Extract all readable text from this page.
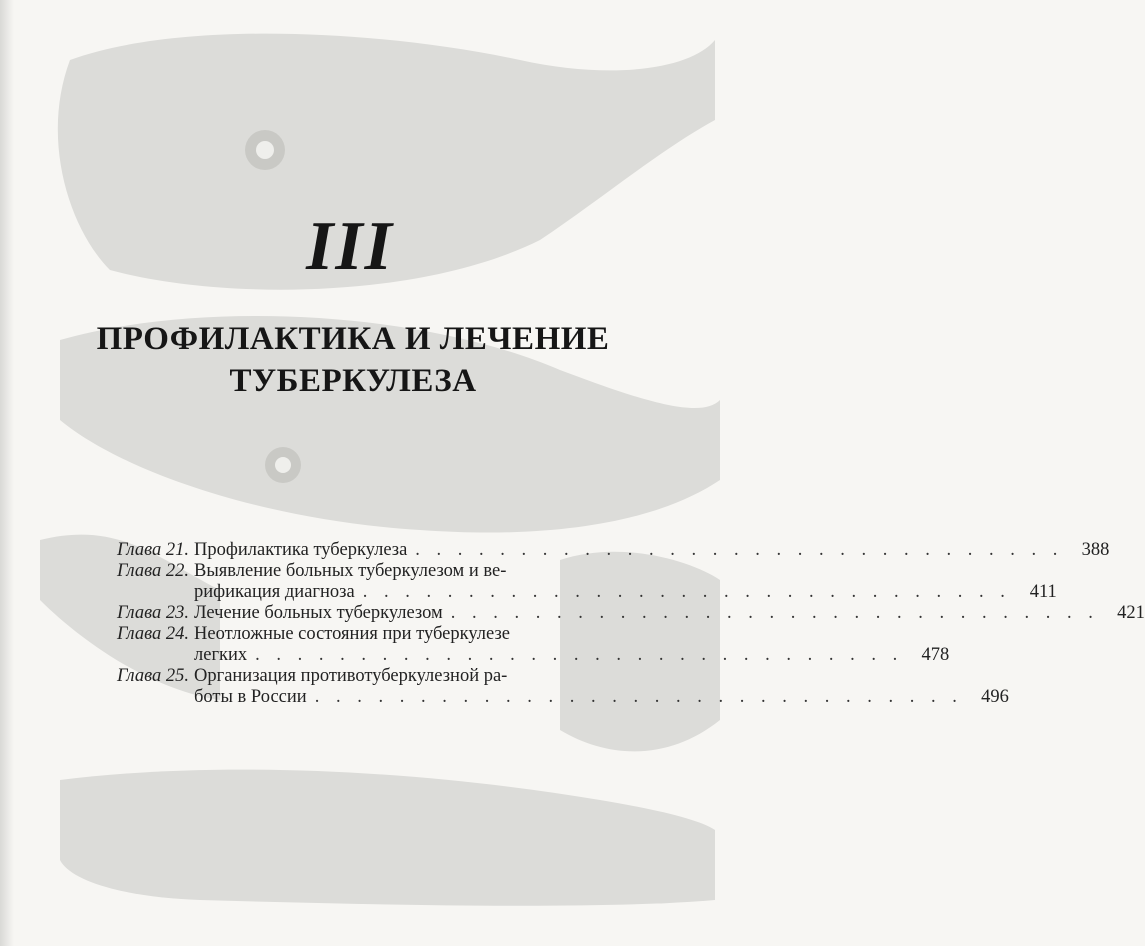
III
ПРОФИЛАКТИКА И ЛЕЧЕНИЕ
ТУБЕРКУЛЕЗА
Глава 21. Профилактика туберкулеза . . . . . . . . . . . . . . . . . . . . . . . . . . . . . . . 388
Глава 22. Выявление больных туберкулезом и ве-
рификация диагноза . . . . . . . . . . . . . . . . . . . . . . . . . . . . . . .	411
Глава 23. Лечение больных туберкулезом . . . . . . . . . . . . . . . . . . . . . . . . . . . . . . . 421
Глава 24. Неотложные состояния при туберкулезе
легких . . . . . . . . . . . . . . . . . . . . . . . . . . . . . . . 478
Глава 25. Организация противотуберкулезной ра-
боты в России . . . . . . . . . . . . . . . . . . . . . . . . . . . . . . . 496
